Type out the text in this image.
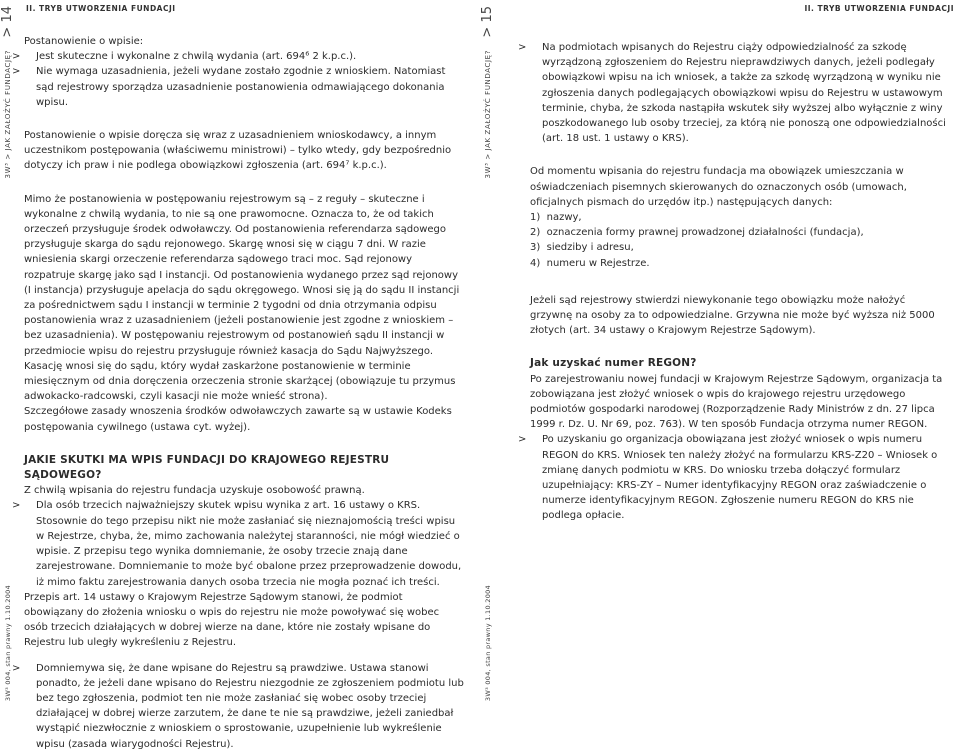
> 14
3W³ > JAK ZAŁOŻYĆ FUNDACJĘ?
3W³ 004, stan prawny 1.10.2004
II. TRYB UTWORZENIA FUNDACJI

Postanowienie o wpisie:

> Jest skuteczne i wykonalne z chwilą wydania (art. 694⁶ 2 k.p.c.).

> Nie wymaga uzasadnienia, jeżeli wydane zostało zgodnie z wnioskiem. Natomiast sąd rejestrowy sporządza uzasadnienie postanowienia odmawiającego dokonania wpisu.

Postanowienie o wpisie doręcza się wraz z uzasadnieniem wnioskodawcy, a innym uczestnikom postępowania (właściwemu ministrowi) – tylko wtedy, gdy bezpośrednio dotyczy ich praw i nie podlega obowiązkowi zgłoszenia (art. 694⁷ k.p.c.).

Mimo że postanowienia w postępowaniu rejestrowym są – z reguły – skuteczne i wykonalne z chwilą wydania, to nie są one prawomocne. Oznacza to, że od takich orzeczeń przysługuje środek odwoławczy. Od postanowienia referendarza sądowego przysługuje skarga do sądu rejonowego. Skargę wnosi się w ciągu 7 dni. W razie wniesienia skargi orzeczenie referendarza sądowego traci moc. Sąd rejonowy rozpatruje skargę jako sąd I instancji. Od postanowienia wydanego przez sąd rejonowy (I instancja) przysługuje apelacja do sądu okręgowego. Wnosi się ją do sądu II instancji za pośrednictwem sądu I instancji w terminie 2 tygodni od dnia otrzymania odpisu postanowienia wraz z uzasadnieniem (jeżeli postanowienie jest zgodne z wnioskiem – bez uzasadnienia). W postępowaniu rejestrowym od postanowień sądu II instancji w przedmiocie wpisu do rejestru przysługuje również kasacja do Sądu Najwyższego. Kasację wnosi się do sądu, który wydał zaskarżone postanowienie w terminie miesięcznym od dnia doręczenia orzeczenia stronie skarżącej (obowiązuje tu przymus adwokacko-radcowski, czyli kasacji nie może wnieść strona).

Szczegółowe zasady wnoszenia środków odwoławczych zawarte są w ustawie Kodeks postępowania cywilnego (ustawa cyt. wyżej).

JAKIE SKUTKI MA WPIS FUNDACJI DO KRAJOWEGO REJESTRU SĄDOWEGO?

Z chwilą wpisania do rejestru fundacja uzyskuje osobowość prawną.

> Dla osób trzecich najważniejszy skutek wpisu wynika z art. 16 ustawy o KRS. Stosownie do tego przepisu nikt nie może zasłaniać się nieznajomością treści wpisu w Rejestrze, chyba, że, mimo zachowania należytej staranności, nie mógł wiedzieć o wpisie. Z przepisu tego wynika domniemanie, że osoby trzecie znają dane zarejestrowane. Domniemanie to może być obalone przez przeprowadzenie dowodu, iż mimo faktu zarejestrowania danych osoba trzecia nie mogła poznać ich treści.

Przepis art. 14 ustawy o Krajowym Rejestrze Sądowym stanowi, że podmiot obowiązany do złożenia wniosku o wpis do rejestru nie może powoływać się wobec osób trzecich działających w dobrej wierze na dane, które nie zostały wpisane do Rejestru lub uległy wykreśleniu z Rejestru.

> Domniemywa się, że dane wpisane do Rejestru są prawdziwe. Ustawa stanowi ponadto, że jeżeli dane wpisano do Rejestru niezgodnie ze zgłoszeniem podmiotu lub bez tego zgłoszenia, podmiot ten nie może zasłaniać się wobec osoby trzeciej działającej w dobrej wierze zarzutem, że dane te nie są prawdziwe, jeżeli zaniedbał wystąpić niezwłocznie z wnioskiem o sprostowanie, uzupełnienie lub wykreślenie wpisu (zasada wiarygodności Rejestru).

> 15
3W³ > JAK ZAŁOŻYĆ FUNDACJĘ?
3W³ 004, stan prawny 1.10.2004
II. TRYB UTWORZENIA FUNDACJI

> Na podmiotach wpisanych do Rejestru ciąży odpowiedzialność za szkodę wyrządzoną zgłoszeniem do Rejestru nieprawdziwych danych, jeżeli podlegały obowiązkowi wpisu na ich wniosek, a także za szkodę wyrządzoną w wyniku nie zgłoszenia danych podlegających obowiązkowi wpisu do Rejestru w ustawowym terminie, chyba, że szkoda nastąpiła wskutek siły wyższej albo wyłącznie z winy poszkodowanego lub osoby trzeciej, za którą nie ponoszą one odpowiedzialności (art. 18 ust. 1 ustawy o KRS).

Od momentu wpisania do rejestru fundacja ma obowiązek umieszczania w oświadczeniach pisemnych skierowanych do oznaczonych osób (umowach, oficjalnych pismach do urzędów itp.) następujących danych:

1)  nazwy,
2)  oznaczenia formy prawnej prowadzonej działalności (fundacja),
3)  siedziby i adresu,
4)  numeru w Rejestrze.

Jeżeli sąd rejestrowy stwierdzi niewykonanie tego obowiązku może nałożyć grzywnę na osoby za to odpowiedzialne. Grzywna nie może być wyższa niż 5000 złotych (art. 34 ustawy o Krajowym Rejestrze Sądowym).

Jak uzyskać numer REGON?

Po zarejestrowaniu nowej fundacji w Krajowym Rejestrze Sądowym, organizacja ta zobowiązana jest złożyć wniosek o wpis do krajowego rejestru urzędowego podmiotów gospodarki narodowej (Rozporządzenie Rady Ministrów z dn. 27 lipca 1999 r. Dz. U. Nr 69, poz. 763). W ten sposób Fundacja otrzyma numer REGON.

> Po uzyskaniu go organizacja obowiązana jest złożyć wniosek o wpis numeru REGON do KRS. Wniosek ten należy złożyć na formularzu KRS-Z20 – Wniosek o zmianę danych podmiotu w KRS. Do wniosku trzeba dołączyć formularz uzupełniający: KRS-ZY – Numer identyfikacyjny REGON oraz zaświadczenie o numerze identyfikacyjnym REGON. Zgłoszenie numeru REGON do KRS nie podlega opłacie.
